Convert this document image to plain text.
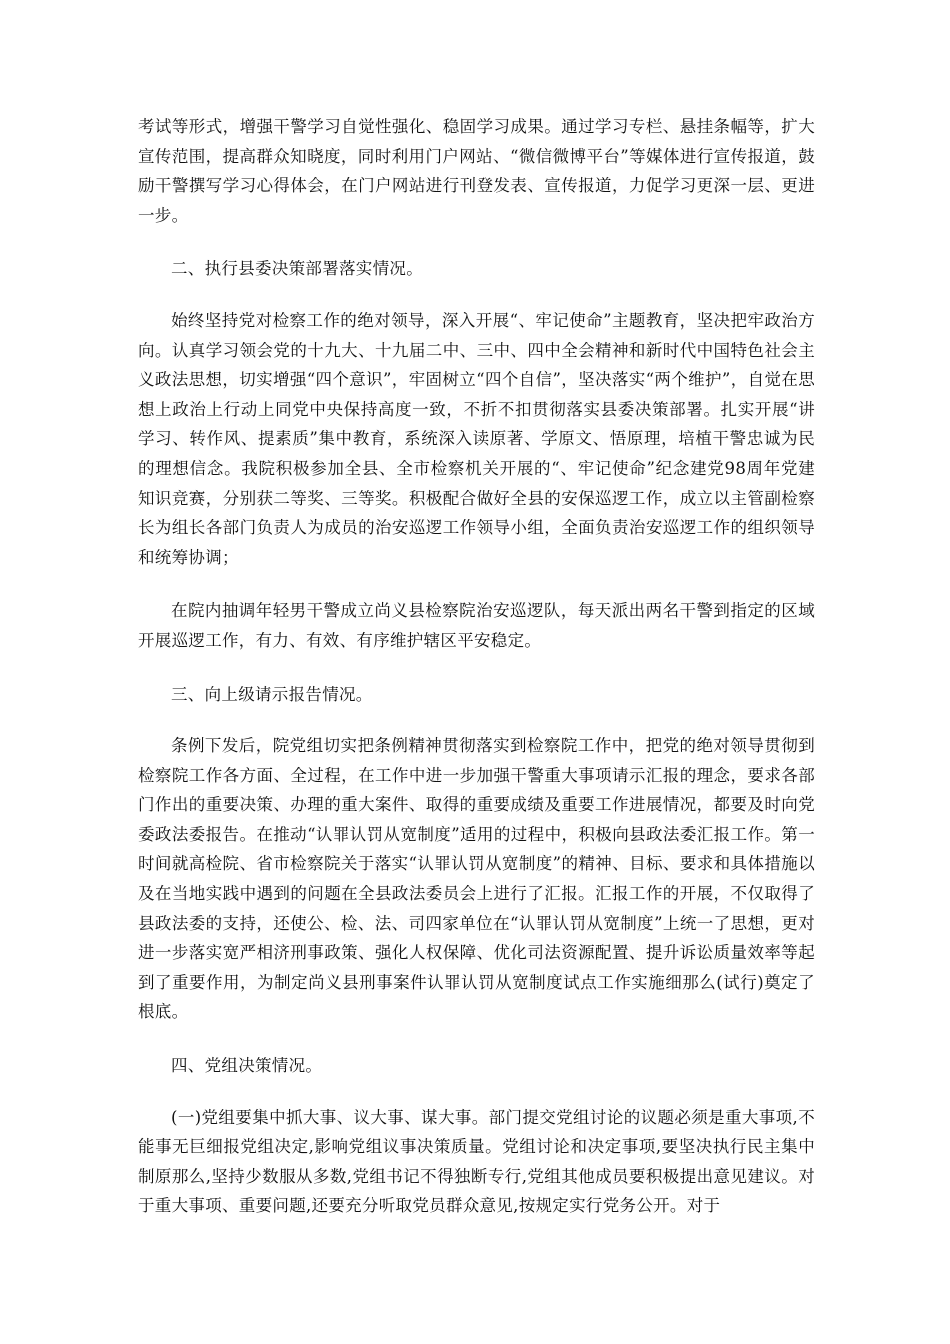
考试等形式，增强干警学习自觉性强化、稳固学习成果。通过学习专栏、悬挂条幅等，扩大宣传范围，提高群众知晓度，同时利用门户网站、“微信微博平台”等媒体进行宣传报道，鼓励干警撰写学习心得体会，在门户网站进行刊登发表、宣传报道，力促学习更深一层、更进一步。

二、执行县委决策部署落实情况。

始终坚持党对检察工作的绝对领导，深入开展“、牢记使命”主题教育，坚决把牢政治方向。认真学习领会党的十九大、十九届二中、三中、四中全会精神和新时代中国特色社会主义政法思想，切实增强“四个意识”，牢固树立“四个自信”，坚决落实“两个维护”，自觉在思想上政治上行动上同党中央保持高度一致，不折不扣贯彻落实县委决策部署。扎实开展“讲学习、转作风、提素质”集中教育，系统深入读原著、学原文、悟原理，培植干警忠诚为民的理想信念。我院积极参加全县、全市检察机关开展的“、牢记使命”纪念建党98周年党建知识竞赛，分别获二等奖、三等奖。积极配合做好全县的安保巡逻工作，成立以主管副检察长为组长各部门负责人为成员的治安巡逻工作领导小组，全面负责治安巡逻工作的组织领导和统筹协调；

在院内抽调年轻男干警成立尚义县检察院治安巡逻队，每天派出两名干警到指定的区域开展巡逻工作，有力、有效、有序维护辖区平安稳定。

三、向上级请示报告情况。

条例下发后，院党组切实把条例精神贯彻落实到检察院工作中，把党的绝对领导贯彻到检察院工作各方面、全过程，在工作中进一步加强干警重大事项请示汇报的理念，要求各部门作出的重要决策、办理的重大案件、取得的重要成绩及重要工作进展情况，都要及时向党委政法委报告。在推动“认罪认罚从宽制度”适用的过程中，积极向县政法委汇报工作。第一时间就高检院、省市检察院关于落实“认罪认罚从宽制度”的精神、目标、要求和具体措施以及在当地实践中遇到的问题在全县政法委员会上进行了汇报。汇报工作的开展，不仅取得了县政法委的支持，还使公、检、法、司四家单位在“认罪认罚从宽制度”上统一了思想，更对进一步落实宽严相济刑事政策、强化人权保障、优化司法资源配置、提升诉讼质量效率等起到了重要作用，为制定尚义县刑事案件认罪认罚从宽制度试点工作实施细那么(试行)奠定了根底。

四、党组决策情况。

(一)党组要集中抓大事、议大事、谋大事。部门提交党组讨论的议题必须是重大事项,不能事无巨细报党组决定,影响党组议事决策质量。党组讨论和决定事项,要坚决执行民主集中制原那么,坚持少数服从多数,党组书记不得独断专行,党组其他成员要积极提出意见建议。对于重大事项、重要问题,还要充分听取党员群众意见,按规定实行党务公开。对于
